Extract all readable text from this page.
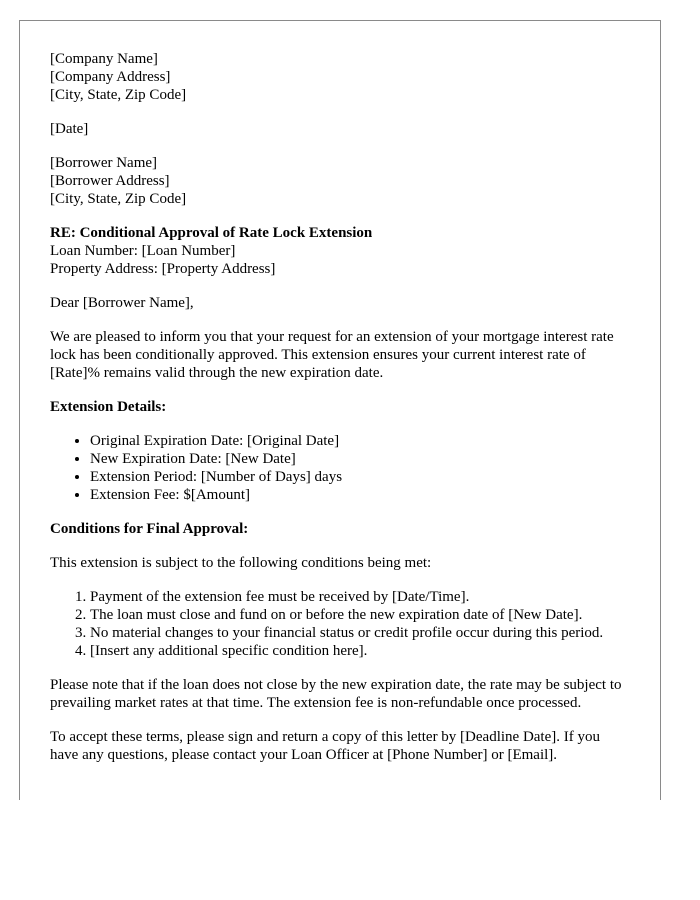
[Company Name]
[Company Address]
[City, State, Zip Code]
[Date]
[Borrower Name]
[Borrower Address]
[City, State, Zip Code]
RE: Conditional Approval of Rate Lock Extension
Loan Number: [Loan Number]
Property Address: [Property Address]

Dear [Borrower Name],

We are pleased to inform you that your request for an extension of your mortgage interest rate lock has been conditionally approved. This extension ensures your current interest rate of [Rate]% remains valid through the new expiration date.

Extension Details:

• Original Expiration Date: [Original Date]
• New Expiration Date: [New Date]
• Extension Period: [Number of Days] days
• Extension Fee: $[Amount]

Conditions for Final Approval:

This extension is subject to the following conditions being met:

1. Payment of the extension fee must be received by [Date/Time].
2. The loan must close and fund on or before the new expiration date of [New Date].
3. No material changes to your financial status or credit profile occur during this period.
4. [Insert any additional specific condition here].

Please note that if the loan does not close by the new expiration date, the rate may be subject to prevailing market rates at that time. The extension fee is non-refundable once processed.

To accept these terms, please sign and return a copy of this letter by [Deadline Date]. If you have any questions, please contact your Loan Officer at [Phone Number] or [Email].
